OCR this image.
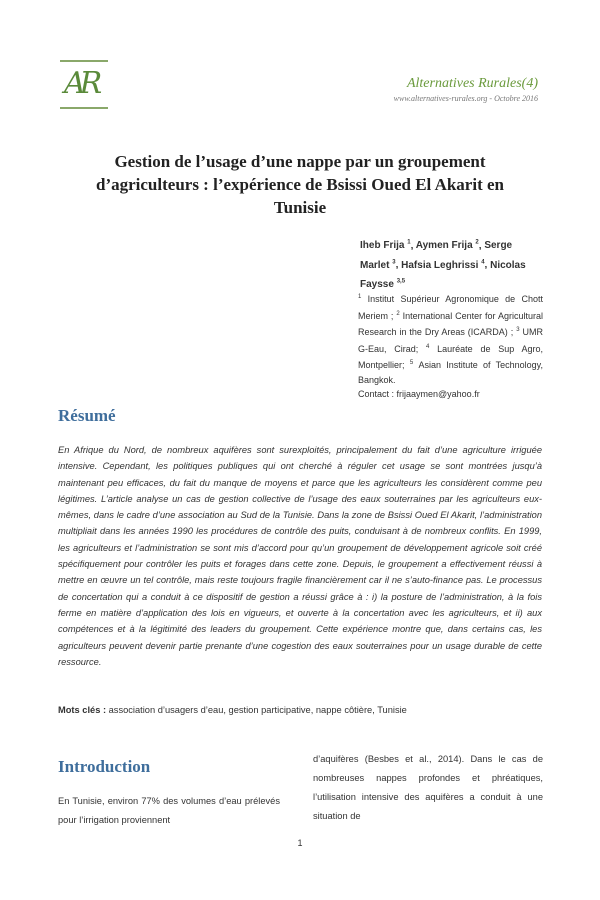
AR	Alternatives Rurales(4)
www.alternatives-rurales.org - Octobre 2016
Gestion de l’usage d’une nappe par un groupement d’agriculteurs : l’expérience de Bsissi Oued El Akarit en Tunisie
Iheb Frija $^1$, Aymen Frija $^2$, Serge Marlet $^3$, Hafsia Leghrissi $^4$, Nicolas Faysse $^{3,5}$
$^1$ Institut Supérieur Agronomique de Chott Meriem ; $^2$ International Center for Agricultural Research in the Dry Areas (ICARDA) ; $^3$ UMR G-Eau, Cirad; $^4$ Lauréate de Sup Agro, Montpellier; $^5$ Asian Institute of Technology, Bangkok.
Contact : frijaaymen@yahoo.fr
Résumé
En Afrique du Nord, de nombreux aquifères sont surexploités, principalement du fait d’une agriculture irriguée intensive. Cependant, les politiques publiques qui ont cherché à réguler cet usage se sont montrées jusqu’à maintenant peu efficaces, du fait du manque de moyens et parce que les agriculteurs les considèrent comme peu légitimes. L’article analyse un cas de gestion collective de l’usage des eaux souterraines par les agriculteurs eux-mêmes, dans le cadre d’une association au Sud de la Tunisie. Dans la zone de Bsissi Oued El Akarit, l’administration multipliait dans les années 1990 les procédures de contrôle des puits, conduisant à de nombreux conflits. En 1999, les agriculteurs et l’administration se sont mis d’accord pour qu’un groupement de développement agricole soit créé spécifiquement pour contrôler les puits et forages dans cette zone. Depuis, le groupement a effectivement réussi à mettre en œuvre un tel contrôle, mais reste toujours fragile financièrement car il ne s’auto-finance pas. Le processus de concertation qui a conduit à ce dispositif de gestion a réussi grâce à : i) la posture de l’administration, à la fois ferme en matière d’application des lois en vigueurs, et ouverte à la concertation avec les agriculteurs, et ii) aux compétences et à la légitimité des leaders du groupement. Cette expérience montre que, dans certains cas, les agriculteurs peuvent devenir partie prenante d’une cogestion des eaux souterraines pour un usage durable de cette ressource.
Mots clés : association d’usagers d’eau, gestion participative, nappe côtière, Tunisie
Introduction
En Tunisie, environ 77% des volumes d’eau prélevés pour l’irrigation proviennent
d’aquifères (Besbes et al., 2014). Dans le cas de nombreuses nappes profondes et phréatiques, l’utilisation intensive des aquifères a conduit à une situation de
1
